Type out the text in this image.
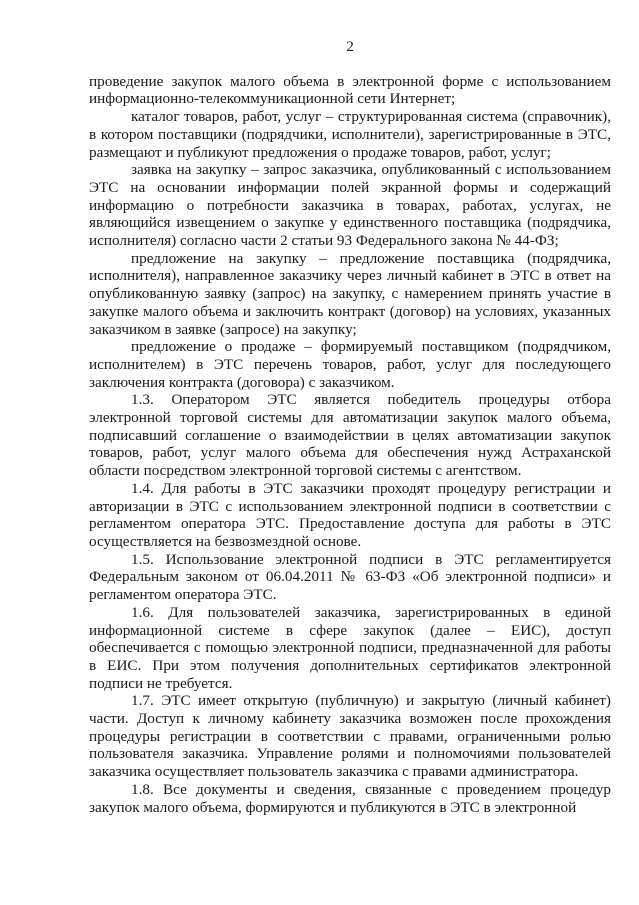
2

проведение закупок малого объема в электронной форме с использованием информационно-телекоммуникационной сети Интернет;

каталог товаров, работ, услуг – структурированная система (справочник), в котором поставщики (подрядчики, исполнители), зарегистрированные в ЭТС, размещают и публикуют предложения о продаже товаров, работ, услуг;

заявка на закупку – запрос заказчика, опубликованный с использованием ЭТС на основании информации полей экранной формы и содержащий информацию о потребности заказчика в товарах, работах, услугах, не являющийся извещением о закупке у единственного поставщика (подрядчика, исполнителя) согласно части 2 статьи 93 Федерального закона № 44-ФЗ;

предложение на закупку – предложение поставщика (подрядчика, исполнителя), направленное заказчику через личный кабинет в ЭТС в ответ на опубликованную заявку (запрос) на закупку, с намерением принять участие в закупке малого объема и заключить контракт (договор) на условиях, указанных заказчиком в заявке (запросе) на закупку;

предложение о продаже – формируемый поставщиком (подрядчиком, исполнителем) в ЭТС перечень товаров, работ, услуг для последующего заключения контракта (договора) с заказчиком.

1.3. Оператором ЭТС является победитель процедуры отбора электронной торговой системы для автоматизации закупок малого объема, подписавший соглашение о взаимодействии в целях автоматизации закупок товаров, работ, услуг малого объема для обеспечения нужд Астраханской области посредством электронной торговой системы с агентством.

1.4. Для работы в ЭТС заказчики проходят процедуру регистрации и авторизации в ЭТС с использованием электронной подписи в соответствии с регламентом оператора ЭТС. Предоставление доступа для работы в ЭТС осуществляется на безвозмездной основе.

1.5. Использование электронной подписи в ЭТС регламентируется Федеральным законом от 06.04.2011 № 63-ФЗ «Об электронной подписи» и регламентом оператора ЭТС.

1.6. Для пользователей заказчика, зарегистрированных в единой информационной системе в сфере закупок (далее – ЕИС), доступ обеспечивается с помощью электронной подписи, предназначенной для работы в ЕИС. При этом получения дополнительных сертификатов электронной подписи не требуется.

1.7. ЭТС имеет открытую (публичную) и закрытую (личный кабинет) части. Доступ к личному кабинету заказчика возможен после прохождения процедуры регистрации в соответствии с правами, ограниченными ролью пользователя заказчика. Управление ролями и полномочиями пользователей заказчика осуществляет пользователь заказчика с правами администратора.

1.8. Все документы и сведения, связанные с проведением процедур закупок малого объема, формируются и публикуются в ЭТС в электронной
